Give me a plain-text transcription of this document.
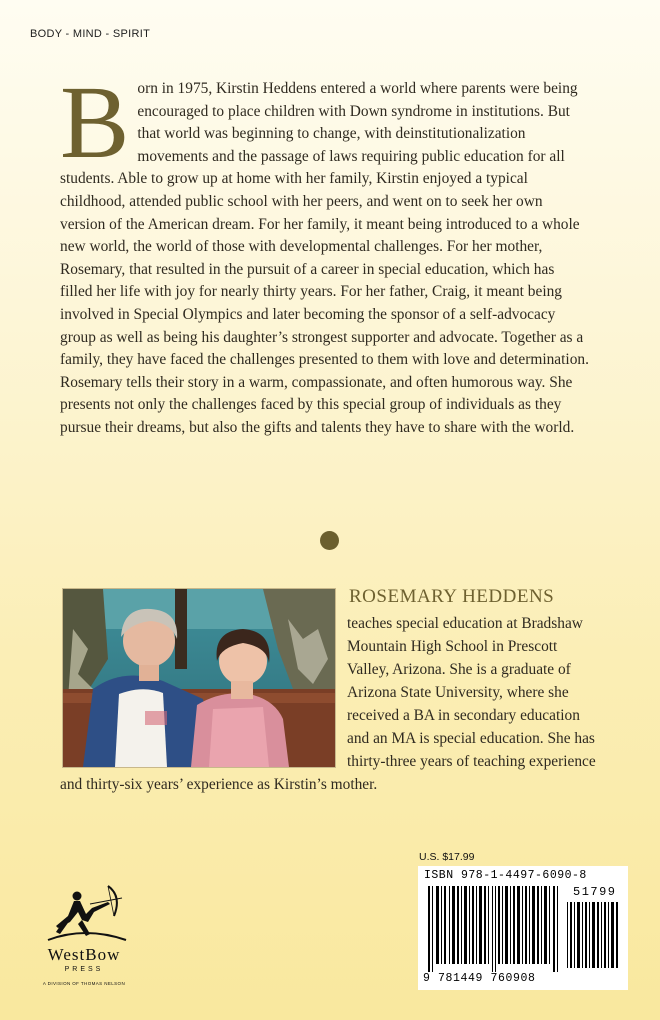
BODY - MIND - SPIRIT

Born in 1975, Kirstin Heddens entered a world where parents were being encouraged to place children with Down syndrome in institutions. But that world was beginning to change, with deinstitutionalization movements and the passage of laws requiring public education for all students. Able to grow up at home with her family, Kirstin enjoyed a typical childhood, attended public school with her peers, and went on to seek her own version of the American dream. For her family, it meant being introduced to a whole new world, the world of those with developmental challenges. For her mother, Rosemary, that resulted in the pursuit of a career in special education, which has filled her life with joy for nearly thirty years. For her father, Craig, it meant being involved in Special Olympics and later becoming the sponsor of a self-advocacy group as well as being his daughter’s strongest supporter and advocate. Together as a family, they have faced the challenges presented to them with love and determination. Rosemary tells their story in a warm, compassionate, and often humorous way. She presents not only the challenges faced by this special group of individuals as they pursue their dreams, but also the gifts and talents they have to share with the world.

ROSEMARY HEDDENS

teaches special education at Bradshaw Mountain High School in Prescott Valley, Arizona. She is a graduate of Arizona State University, where she received a BA in secondary education and an MA is special education. She has thirty-three years of teaching experience and thirty-six years’ experience as Kirstin’s mother.

WestBow
PRESS
A DIVISION OF THOMAS NELSON
U.S. $17.99
ISBN 978-1-4497-6090-8
51799
9 781449 760908
